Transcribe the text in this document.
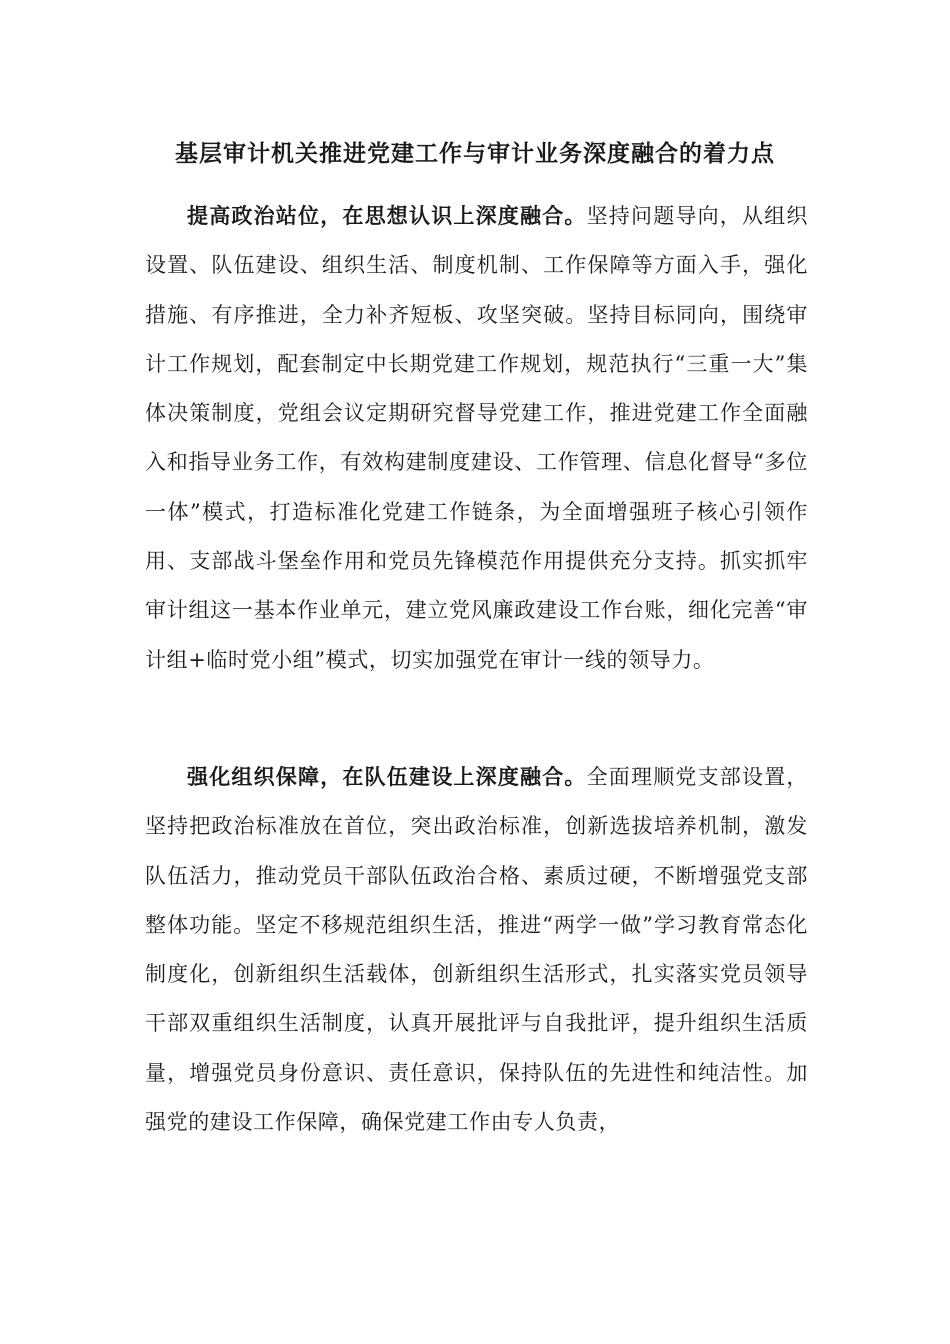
基层审计机关推进党建工作与审计业务深度融合的着力点

提高政治站位，在思想认识上深度融合。坚持问题导向，从组织设置、队伍建设、组织生活、制度机制、工作保障等方面入手，强化措施、有序推进，全力补齐短板、攻坚突破。坚持目标同向，围绕审计工作规划，配套制定中长期党建工作规划，规范执行“三重一大”集体决策制度，党组会议定期研究督导党建工作，推进党建工作全面融入和指导业务工作，有效构建制度建设、工作管理、信息化督导“多位一体”模式，打造标准化党建工作链条，为全面增强班子核心引领作用、支部战斗堡垒作用和党员先锋模范作用提供充分支持。抓实抓牢审计组这一基本作业单元，建立党风廉政建设工作台账，细化完善“审计组+临时党小组”模式，切实加强党在审计一线的领导力。

强化组织保障，在队伍建设上深度融合。全面理顺党支部设置，坚持把政治标准放在首位，突出政治标准，创新选拔培养机制，激发队伍活力，推动党员干部队伍政治合格、素质过硬，不断增强党支部整体功能。坚定不移规范组织生活，推进“两学一做”学习教育常态化制度化，创新组织生活载体，创新组织生活形式，扎实落实党员领导干部双重组织生活制度，认真开展批评与自我批评，提升组织生活质量，增强党员身份意识、责任意识，保持队伍的先进性和纯洁性。加强党的建设工作保障，确保党建工作由专人负责，
